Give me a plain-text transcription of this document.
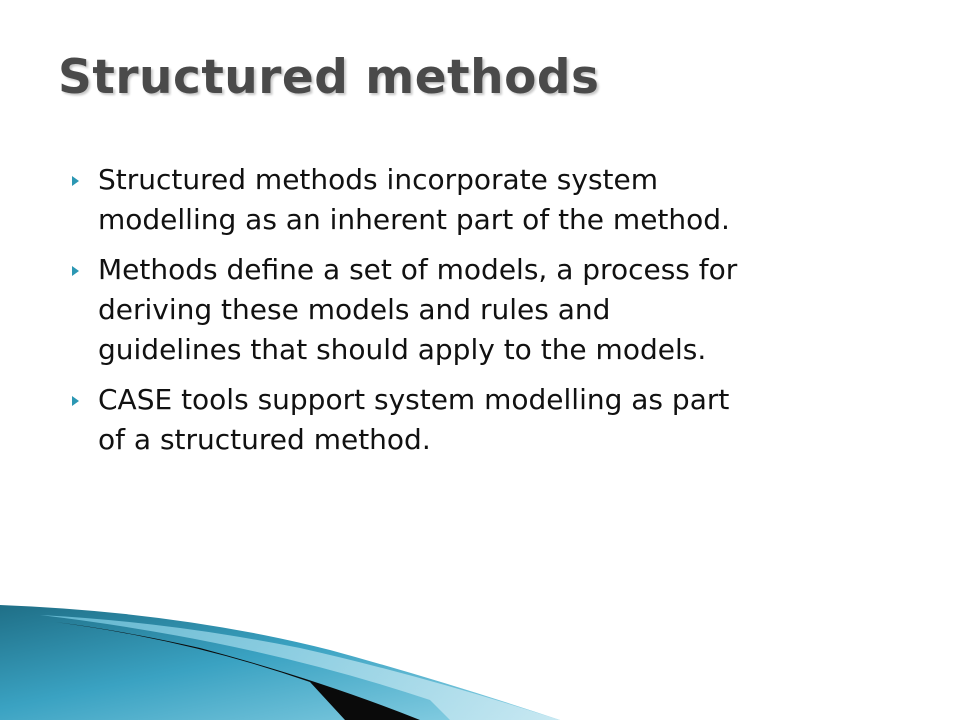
Structured methods
Structured methods incorporate system
modelling as an inherent part of the method.
Methods define a set of models, a process for
deriving these models and rules and
guidelines that should apply to the models.
CASE tools support system modelling as part
of a structured method.
